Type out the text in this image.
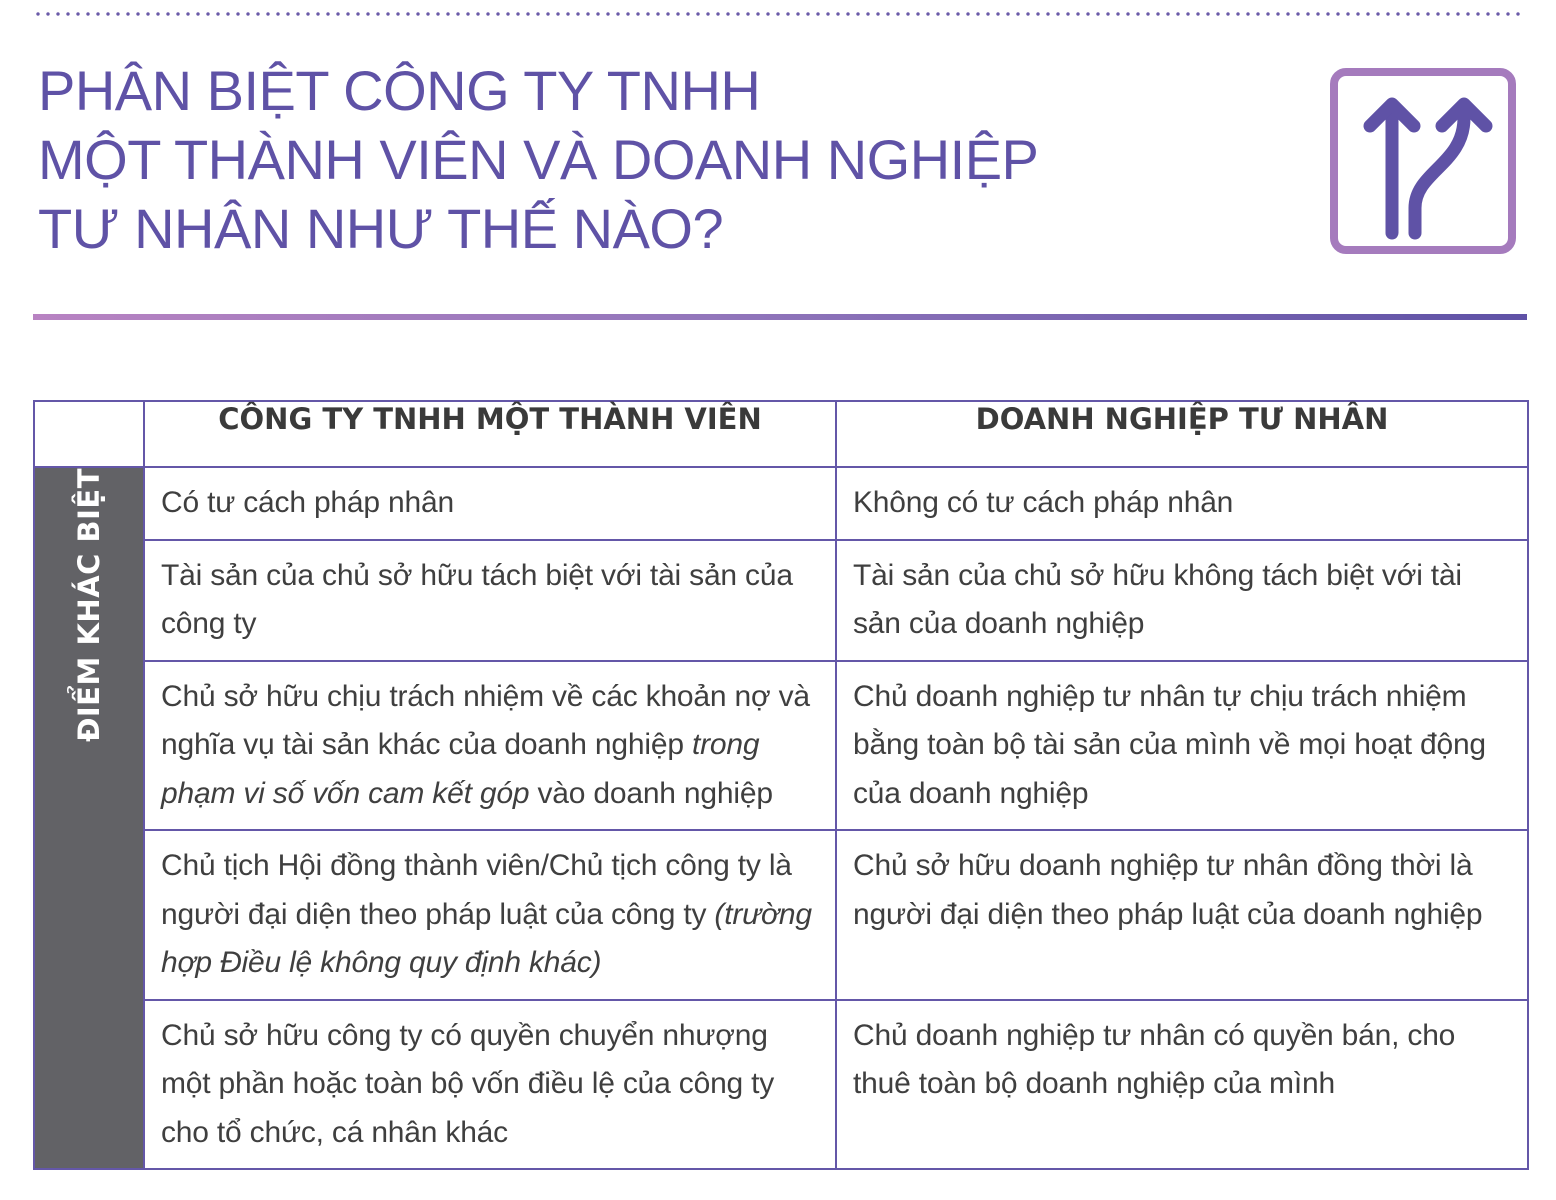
PHÂN BIỆT CÔNG TY TNHH
MỘT THÀNH VIÊN VÀ DOANH NGHIỆP
TƯ NHÂN NHƯ THẾ NÀO?
	CÔNG TY TNHH MỘT THÀNH VIÊN	DOANH NGHIỆP TƯ NHÂN

ĐIỂM KHÁC BIỆT	Có tư cách pháp nhân	Không có tư cách pháp nhân
	Tài sản của chủ sở hữu tách biệt với tài sản của công ty	Tài sản của chủ sở hữu không tách biệt với tài sản của doanh nghiệp
	Chủ sở hữu chịu trách nhiệm về các khoản nợ và nghĩa vụ tài sản khác của doanh nghiệp trong phạm vi số vốn cam kết góp vào doanh nghiệp	Chủ doanh nghiệp tư nhân tự chịu trách nhiệm bằng toàn bộ tài sản của mình về mọi hoạt động của doanh nghiệp
	Chủ tịch Hội đồng thành viên/Chủ tịch công ty là người đại diện theo pháp luật của công ty (trường hợp Điều lệ không quy định khác)	Chủ sở hữu doanh nghiệp tư nhân đồng thời là người đại diện theo pháp luật của doanh nghiệp
	Chủ sở hữu công ty có quyền chuyển nhượng một phần hoặc toàn bộ vốn điều lệ của công ty cho tổ chức, cá nhân khác	Chủ doanh nghiệp tư nhân có quyền bán, cho thuê toàn bộ doanh nghiệp của mình
